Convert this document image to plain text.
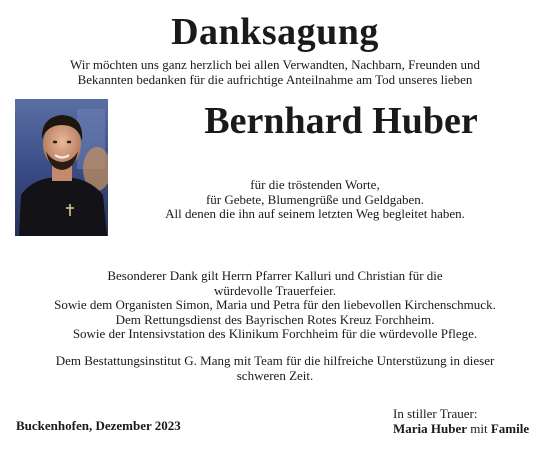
Danksagung
Wir möchten uns ganz herzlich bei allen Verwandten, Nachbarn, Freunden und
Bekannten bedanken für die aufrichtige Anteilnahme am Tod unseres lieben
Bernhard Huber
für die tröstenden Worte,
für Gebete, Blumengrüße und Geldgaben.
All denen die ihn auf seinem letzten Weg begleitet haben.
Besonderer Dank gilt Herrn Pfarrer Kalluri und Christian für die
würdevolle Trauerfeier.
Sowie dem Organisten Simon, Maria und Petra für den liebevollen Kirchenschmuck.
Dem Rettungsdienst des Bayrischen Rotes Kreuz Forchheim.
Sowie der Intensivstation des Klinikum Forchheim für die würdevolle Pflege.
Dem Bestattungsinstitut G. Mang mit Team für die hilfreiche Unterstüzung in dieser
schweren Zeit.
Buckenhofen, Dezember 2023
In stiller Trauer:
Maria Huber mit Famile
